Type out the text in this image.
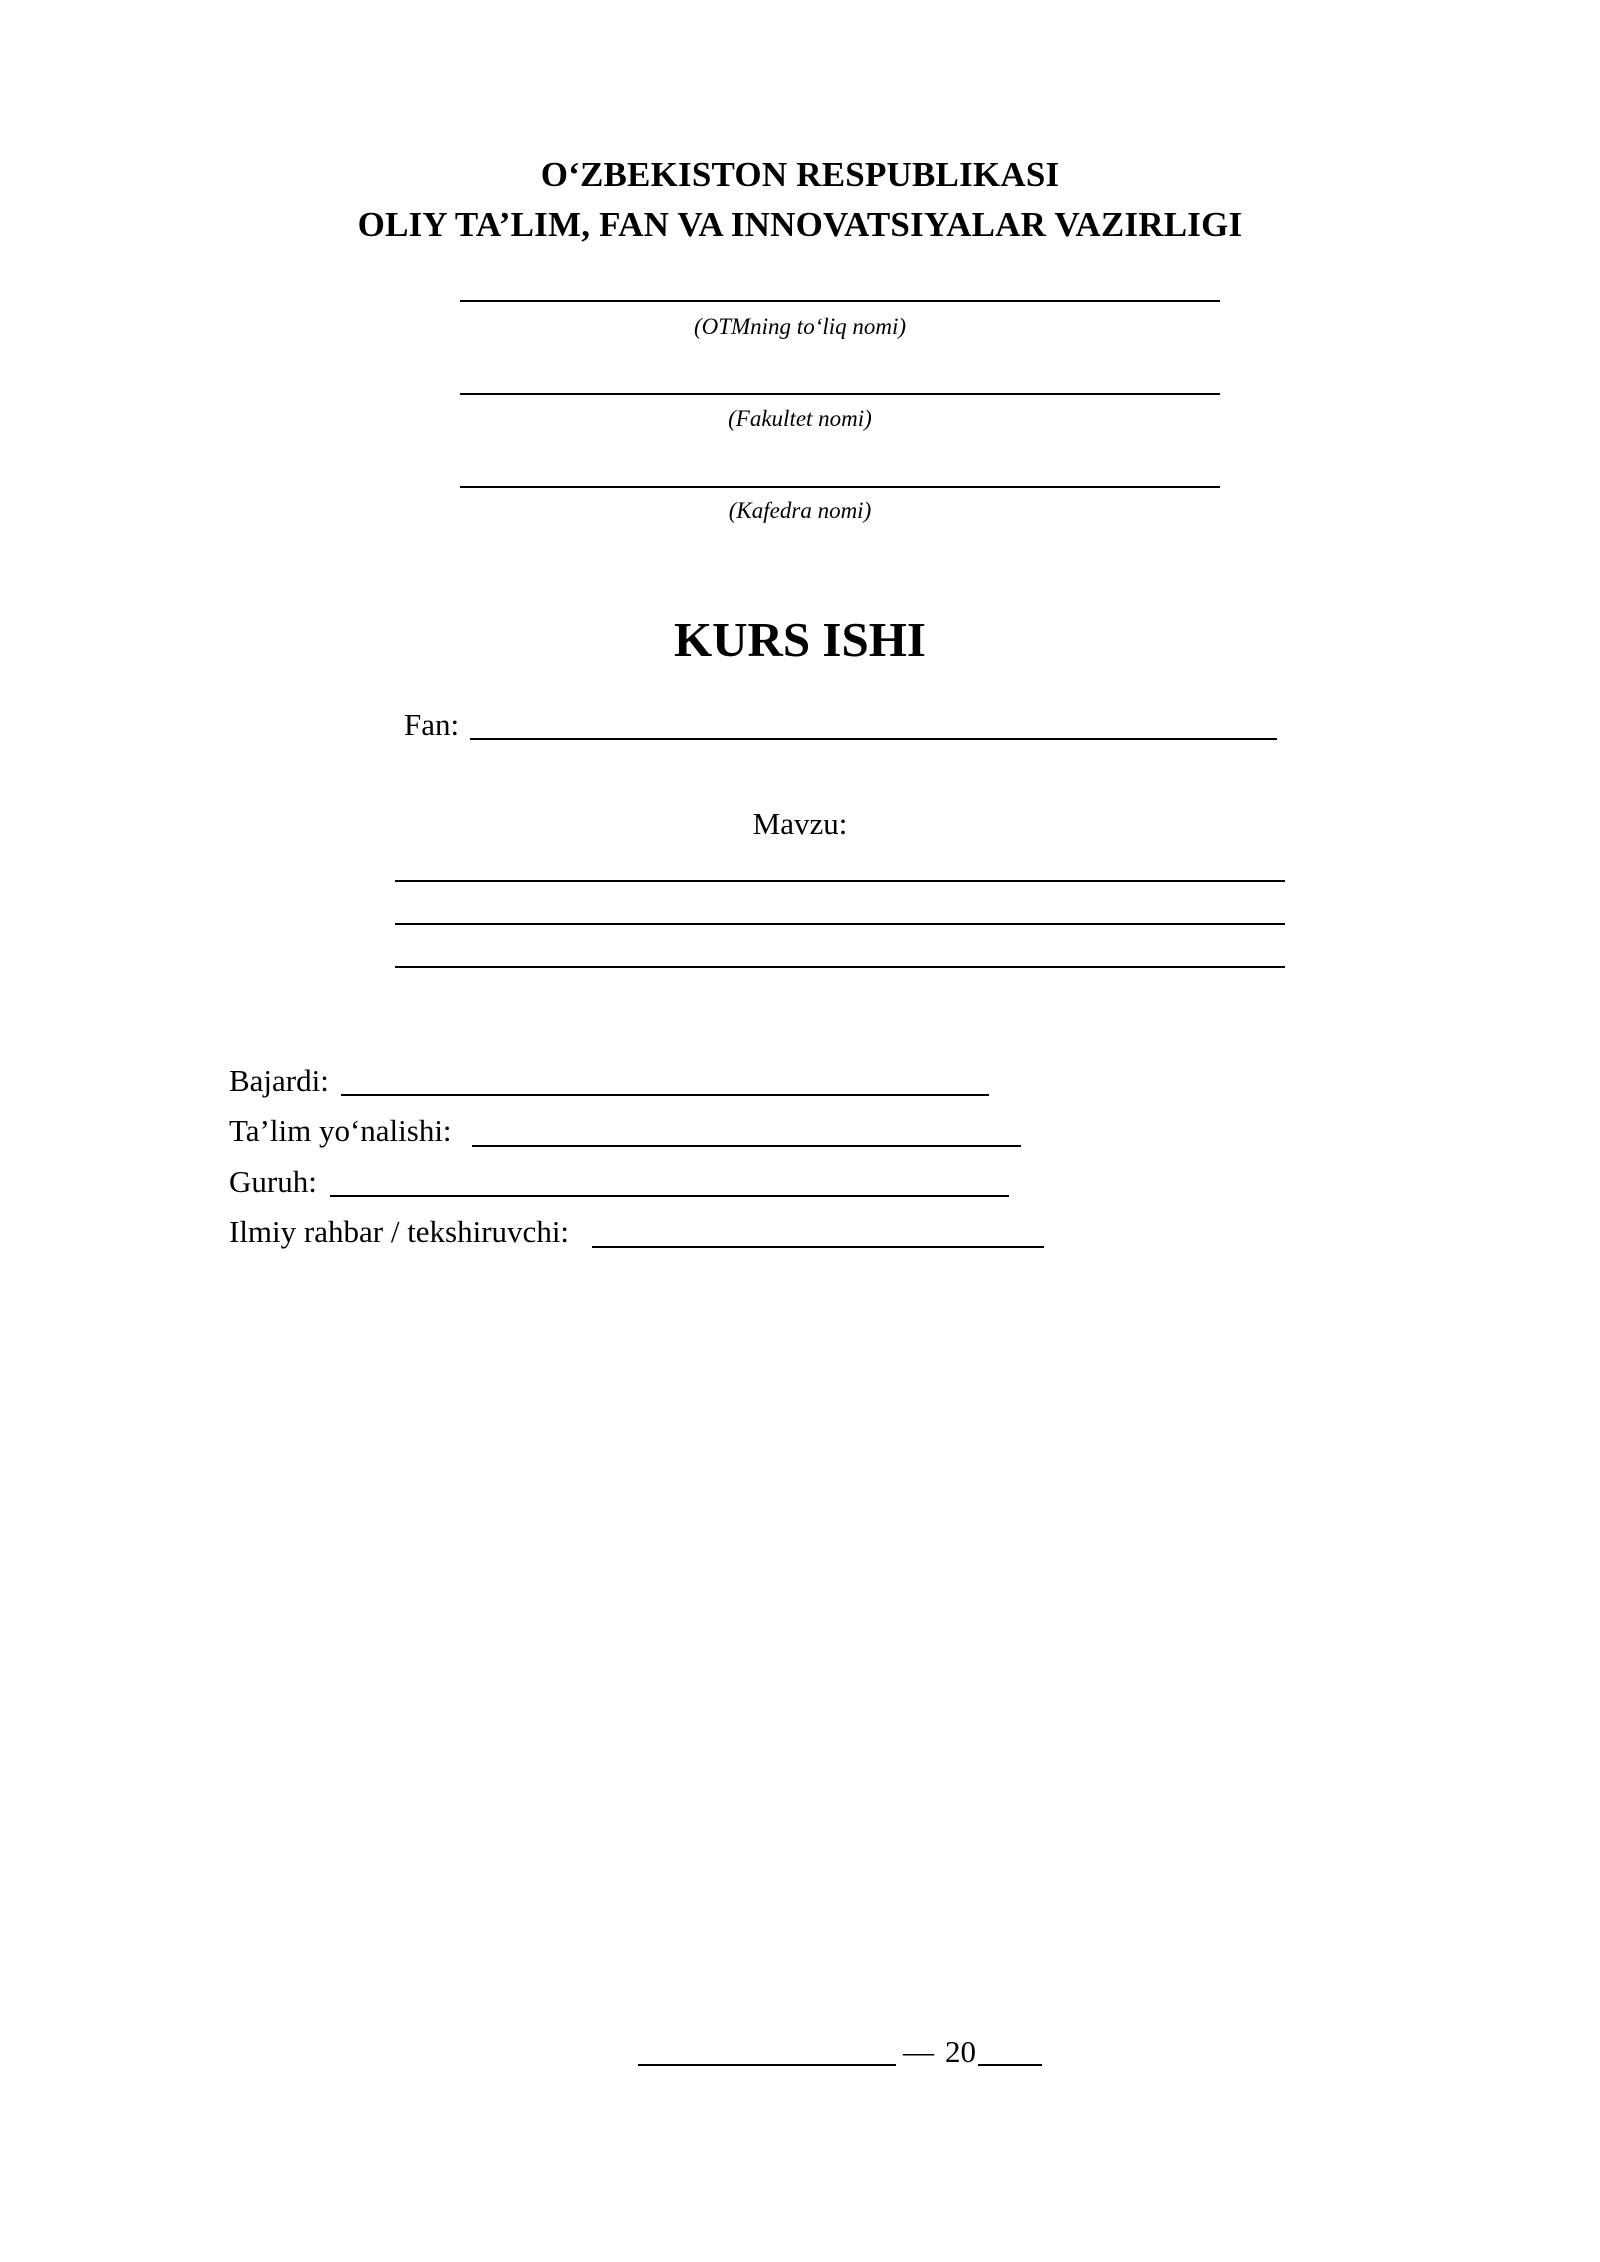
O‘ZBEKISTON RESPUBLIKASI
OLIY TA’LIM, FAN VA INNOVATSIYALAR VAZIRLIGI
(OTMning to‘liq nomi)
(Fakultet nomi)
(Kafedra nomi)
KURS ISHI
Fan:
Mavzu:
Bajardi:
Ta’lim yo‘nalishi:
Guruh:
Ilmiy rahbar / tekshiruvchi:
— 20
